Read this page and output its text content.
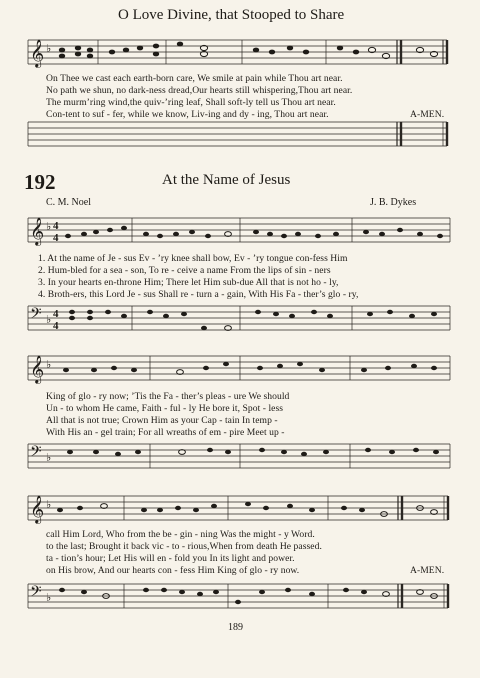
O Love Divine, that Stooped to Share
𝄞 ♭
On Thee we cast each earth-born care, We smile at pain while Thou art near.
No path we shun, no dark-ness dread,Our hearts still whispering,Thou art near.
The murm’ring wind,the quiv-’ring leaf, Shall soft-ly tell us Thou art near.
Con-tent to suf - fer, while we know, Liv-ing and dy - ing, Thou art near.	A-MEN.
192	At the Name of Jesus
C. M. Noel	J. B. Dykes
𝄞 ♭ 4
4
1. At the name of Je - sus Ev - ’ry knee shall bow, Ev - ’ry tongue con-fess Him
2. Hum-bled for a sea - son, To re - ceive a name From the lips of sin - ners
3. In your hearts en-throne Him; There let Him sub-due All that is not ho - ly,
4. Broth-ers, this Lord Je - sus Shall re - turn a - gain, With His Fa - ther’s glo - ry,
𝄢 ♭ 4
4
𝄞 ♭
King of glo - ry now; ’Tis the Fa - ther’s pleas - ure We should
Un - to whom He came, Faith - ful - ly He bore it, Spot - less
All that is not true; Crown Him as your Cap - tain In temp -
With His an - gel train; For all wreaths of em - pire Meet up -
𝄢 ♭
𝄞 ♭
call Him Lord, Who from the be - gin - ning Was the might - y Word.
to the last; Brought it back vic - to - rious,When from death He passed.
ta - tion’s hour; Let His will en - fold you In its light and power.
on His brow, And our hearts con - fess Him King of glo - ry now.	A-MEN.
𝄢 ♭
189
